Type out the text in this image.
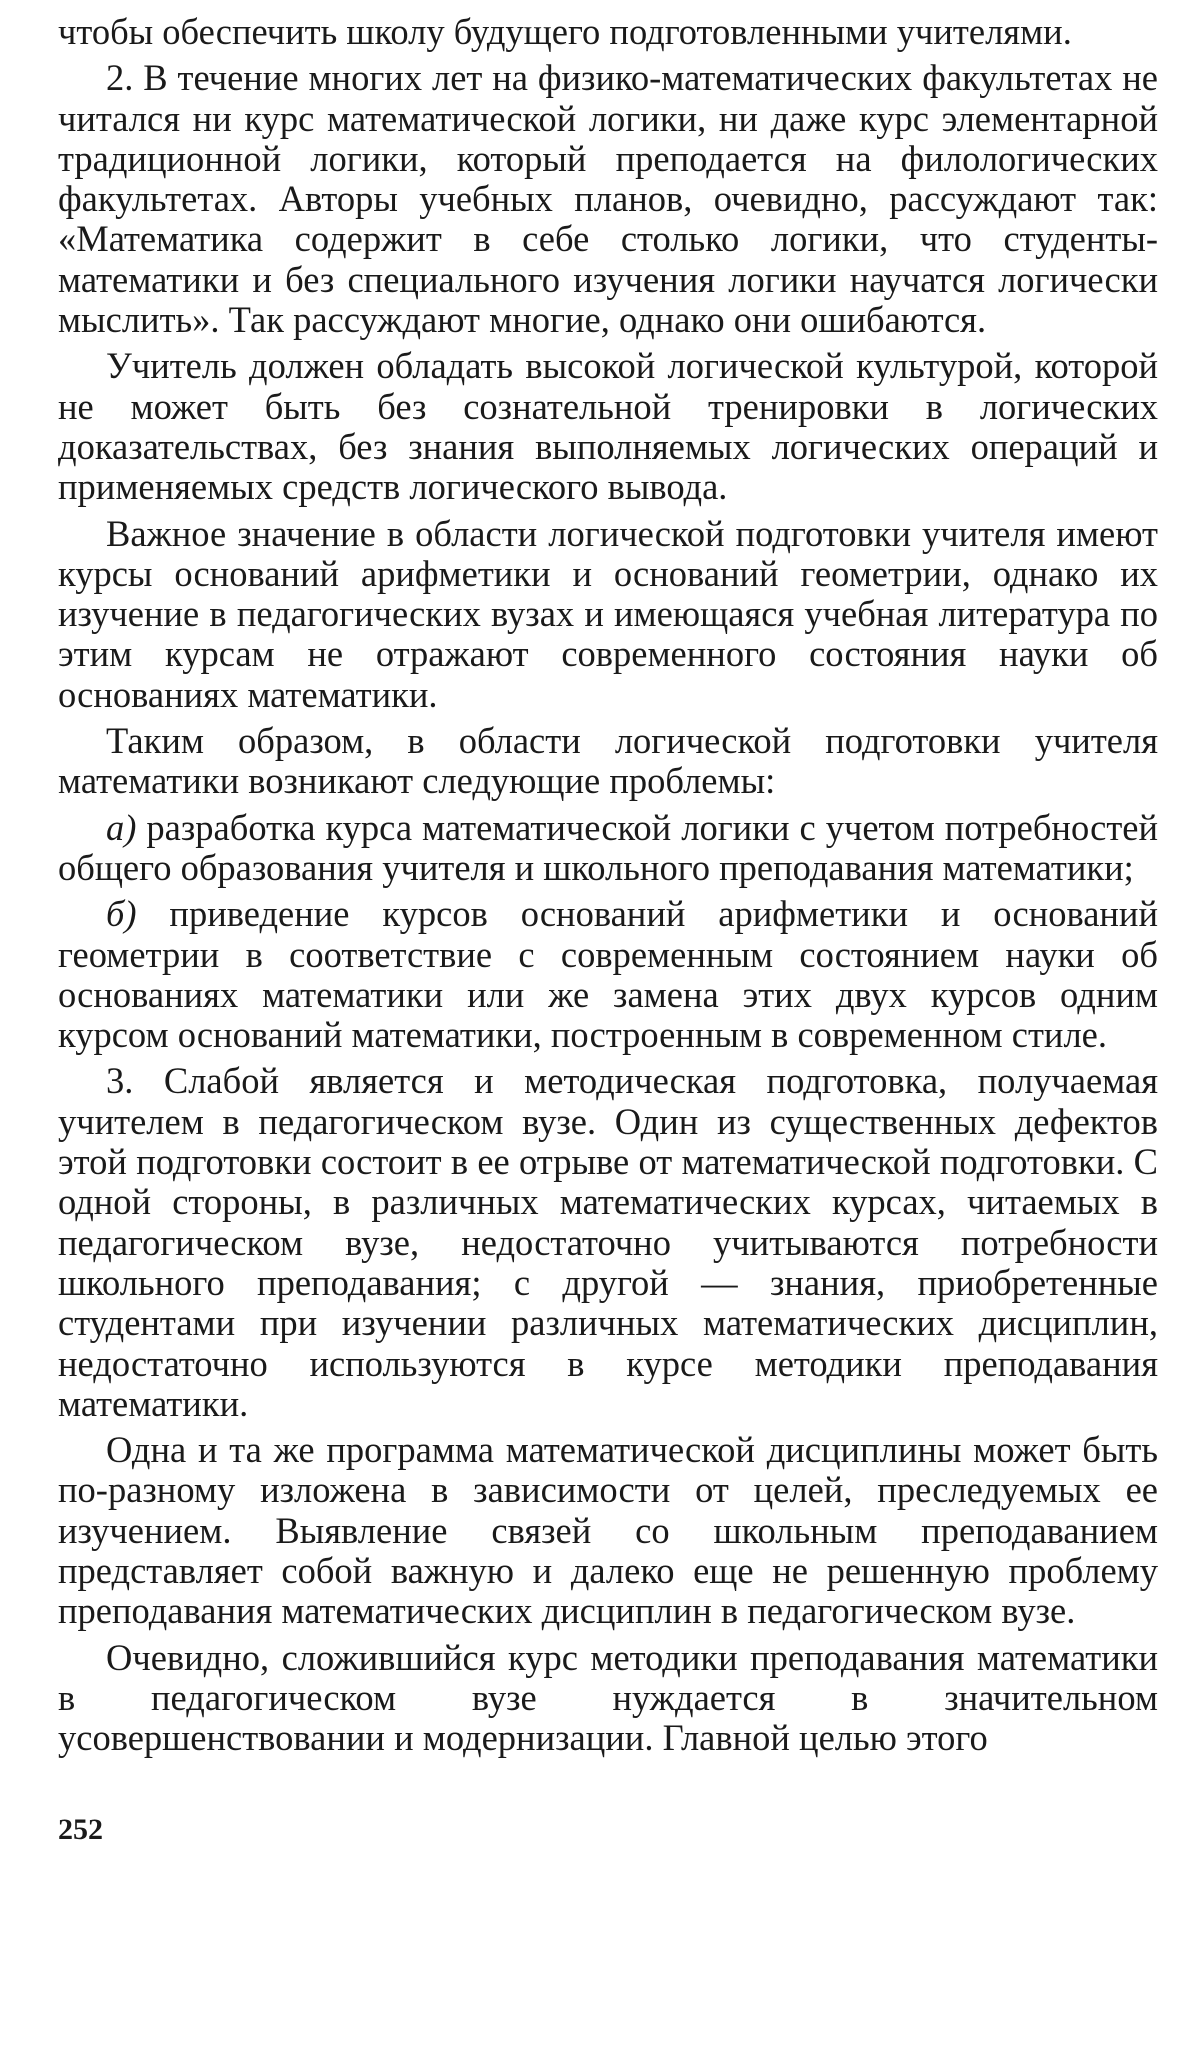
чтобы обеспечить школу будущего подготовленными учителями.

2. В течение многих лет на физико-математических факультетах не читался ни курс математической логики, ни даже курс элементарной традиционной логики, который преподается на филологических факультетах. Авторы учебных планов, очевидно, рассуждают так: «Математика содержит в себе столько логики, что студенты-математики и без специального изучения логики научатся логически мыслить». Так рассуждают многие, однако они ошибаются.

Учитель должен обладать высокой логической культурой, которой не может быть без сознательной тренировки в логических доказательствах, без знания выполняемых логических операций и применяемых средств логического вывода.

Важное значение в области логической подготовки учителя имеют курсы оснований арифметики и оснований геометрии, однако их изучение в педагогических вузах и имеющаяся учебная литература по этим курсам не отражают современного состояния науки об основаниях математики.

Таким образом, в области логической подготовки учителя математики возникают следующие проблемы:

а) разработка курса математической логики с учетом потребностей общего образования учителя и школьного преподавания математики;

б) приведение курсов оснований арифметики и оснований геометрии в соответствие с современным состоянием науки об основаниях математики или же замена этих двух курсов одним курсом оснований математики, построенным в современном стиле.

3. Слабой является и методическая подготовка, получаемая учителем в педагогическом вузе. Один из существенных дефектов этой подготовки состоит в ее отрыве от математической подготовки. С одной стороны, в различных математических курсах, читаемых в педагогическом вузе, недостаточно учитываются потребности школьного преподавания; с другой — знания, приобретенные студентами при изучении различных математических дисциплин, недостаточно используются в курсе методики преподавания математики.

Одна и та же программа математической дисциплины может быть по-разному изложена в зависимости от целей, преследуемых ее изучением. Выявление связей со школьным преподаванием представляет собой важную и далеко еще не решенную проблему преподавания математических дисциплин в педагогическом вузе.

Очевидно, сложившийся курс методики преподавания математики в педагогическом вузе нуждается в значительном усовершенствовании и модернизации. Главной целью этого

252
